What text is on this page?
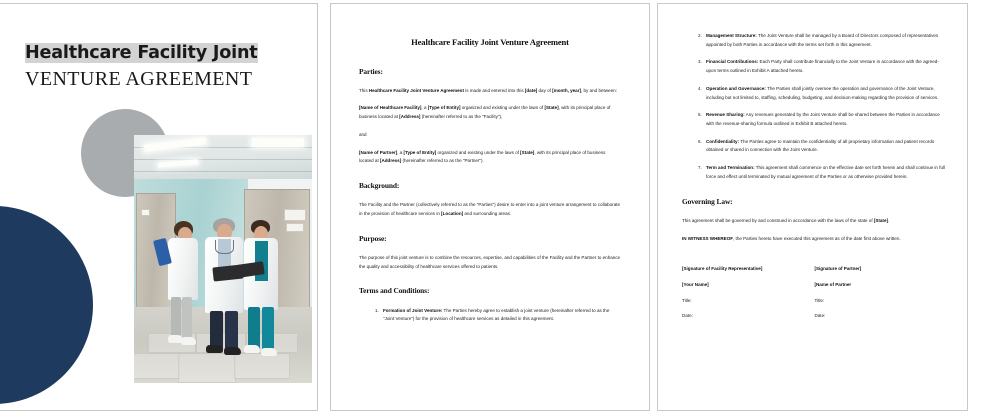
Healthcare Facility Joint
VENTURE AGREEMENT
Healthcare Facility Joint Venture Agreement
Parties:

This Healthcare Facility Joint Venture Agreement is made and entered into this [date] day of [month, year], by and between:

[Name of Healthcare Facility], a [Type of Entity] organized and existing under the laws of [State], with its principal place of business located at [Address] (hereinafter referred to as the "Facility"),

and

[Name of Partner], a [Type of Entity] organized and existing under the laws of [State], with its principal place of business located at [Address] (hereinafter referred to as the "Partner").

Background:

The Facility and the Partner (collectively referred to as the "Parties") desire to enter into a joint venture arrangement to collaborate in the provision of healthcare services in [Location] and surrounding areas.

Purpose:

The purpose of this joint venture is to combine the resources, expertise, and capabilities of the Facility and the Partner to enhance the quality and accessibility of healthcare services offered to patients.

Terms and Conditions:
1. Formation of Joint Venture: The Parties hereby agree to establish a joint venture (hereinafter referred to as the "Joint Venture") for the provision of healthcare services as detailed in this agreement.
2. Management Structure: The Joint Venture shall be managed by a Board of Directors composed of representatives appointed by both Parties in accordance with the terms set forth in this agreement.
3. Financial Contributions: Each Party shall contribute financially to the Joint Venture in accordance with the agreed-upon terms outlined in Exhibit A attached hereto.
4. Operation and Governance: The Parties shall jointly oversee the operation and governance of the Joint Venture, including but not limited to, staffing, scheduling, budgeting, and decision-making regarding the provision of services.
5. Revenue Sharing: Any revenues generated by the Joint Venture shall be shared between the Parties in accordance with the revenue-sharing formula outlined in Exhibit B attached hereto.
6. Confidentiality: The Parties agree to maintain the confidentiality of all proprietary information and patient records obtained or shared in connection with the Joint Venture.
7. Term and Termination: This agreement shall commence on the effective date set forth herein and shall continue in full force and effect until terminated by mutual agreement of the Parties or as otherwise provided herein.
Governing Law:

This agreement shall be governed by and construed in accordance with the laws of the state of [State].

IN WITNESS WHEREOF, the Parties hereto have executed this agreement as of the date first above written.

[Signature of Facility Representative]
[Your Name]
Title:
Date:
[Signature of Partner]
[Name of Partner
Title:
Date:
